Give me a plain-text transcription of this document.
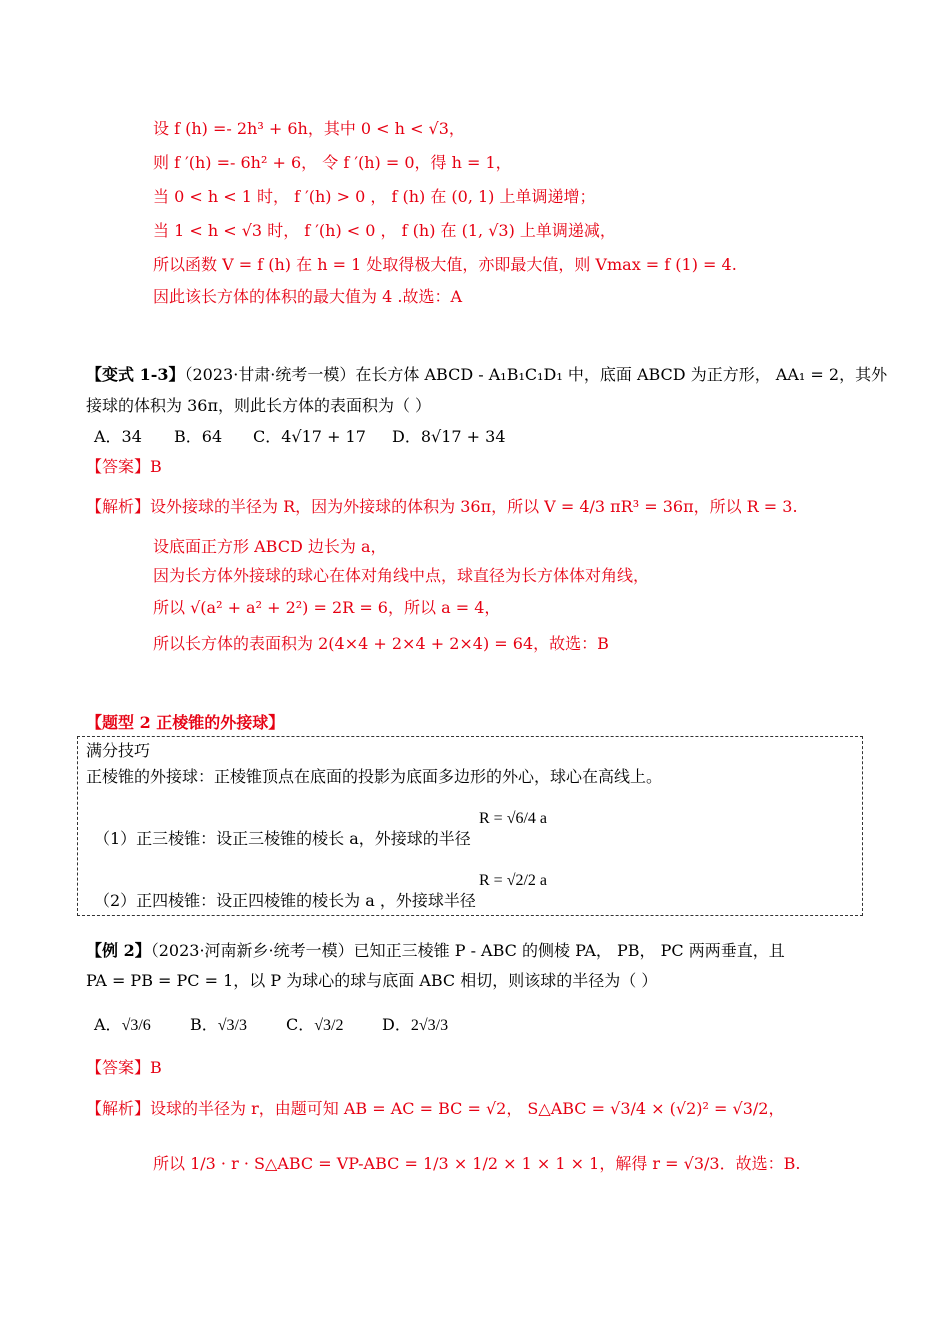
设 f (h) =- 2h³ + 6h，其中 0 < h < √3，
则 f ′(h) =- 6h² + 6， 令 f ′(h) = 0，得 h = 1，
当 0 < h < 1 时， f ′(h) > 0 ， f (h) 在 (0, 1) 上单调递增；
当 1 < h < √3 时， f ′(h) < 0 ， f (h) 在 (1, √3) 上单调递减，
所以函数 V = f (h) 在 h = 1 处取得极大值，亦即最大值，则 Vmax = f (1) = 4.
因此该长方体的体积的最大值为 4 .故选：A
【变式 1-3】（2023·甘肃·统考一模）在长方体 ABCD - A₁B₁C₁D₁ 中，底面 ABCD 为正方形， AA₁ = 2，其外
接球的体积为 36π，则此长方体的表面积为（ ）
A．34 B．64 C．4√17 + 17 D．8√17 + 34
【答案】B
【解析】设外接球的半径为 R，因为外接球的体积为 36π，所以 V = 4/3 πR³ = 36π，所以 R = 3.
设底面正方形 ABCD 边长为 a，
因为长方体外接球的球心在体对角线中点，球直径为长方体体对角线，
所以 √(a² + a² + 2²) = 2R = 6，所以 a = 4，
所以长方体的表面积为 2(4×4 + 2×4 + 2×4) = 64，故选：B
【题型 2 正棱锥的外接球】
满分技巧
正棱锥的外接球：正棱锥顶点在底面的投影为底面多边形的外心，球心在高线上。
（1）正三棱锥：设正三棱锥的棱长 a，外接球的半径
R = √6/4 a
（2）正四棱锥：设正四棱锥的棱长为 a ，外接球半径
R = √2/2 a
【例 2】（2023·河南新乡·统考一模）已知正三棱锥 P - ABC 的侧棱 PA， PB， PC 两两垂直，且
PA = PB = PC = 1，以 P 为球心的球与底面 ABC 相切，则该球的半径为（ ）
A．√3/6 B．√3/3 C．√3/2 D．2√3/3
【答案】B
【解析】设球的半径为 r，由题可知 AB = AC = BC = √2， S△ABC = √3/4 × (√2)² = √3/2，
所以 1/3 · r · S△ABC = VP-ABC = 1/3 × 1/2 × 1 × 1 × 1，解得 r = √3/3．故选：B.
